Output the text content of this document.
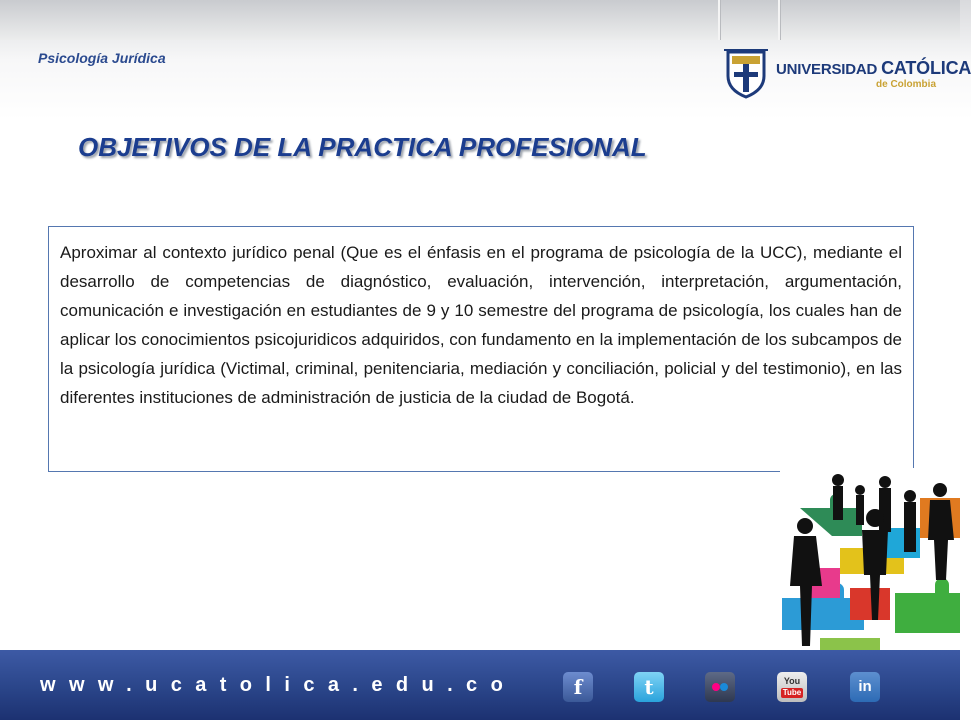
Psicología Jurídica
UNIVERSIDAD CATÓLICA
de Colombia
OBJETIVOS DE LA PRACTICA PROFESIONAL

Aproximar al contexto jurídico penal (Que es el énfasis en el programa de psicología de la UCC), mediante el desarrollo de competencias de diagnóstico, evaluación, intervención, interpretación, argumentación, comunicación e investigación en estudiantes de 9 y 10 semestre del programa de psicología, los cuales han de aplicar los conocimientos psicojuridicos adquiridos, con fundamento en la implementación de los subcampos de la psicología jurídica (Victimal, criminal, penitenciaria, mediación y conciliación, policial y del testimonio), en las diferentes instituciones de administración de justicia de la ciudad de Bogotá.

www.ucatolica.edu.co	f	t	You
Tube	in
